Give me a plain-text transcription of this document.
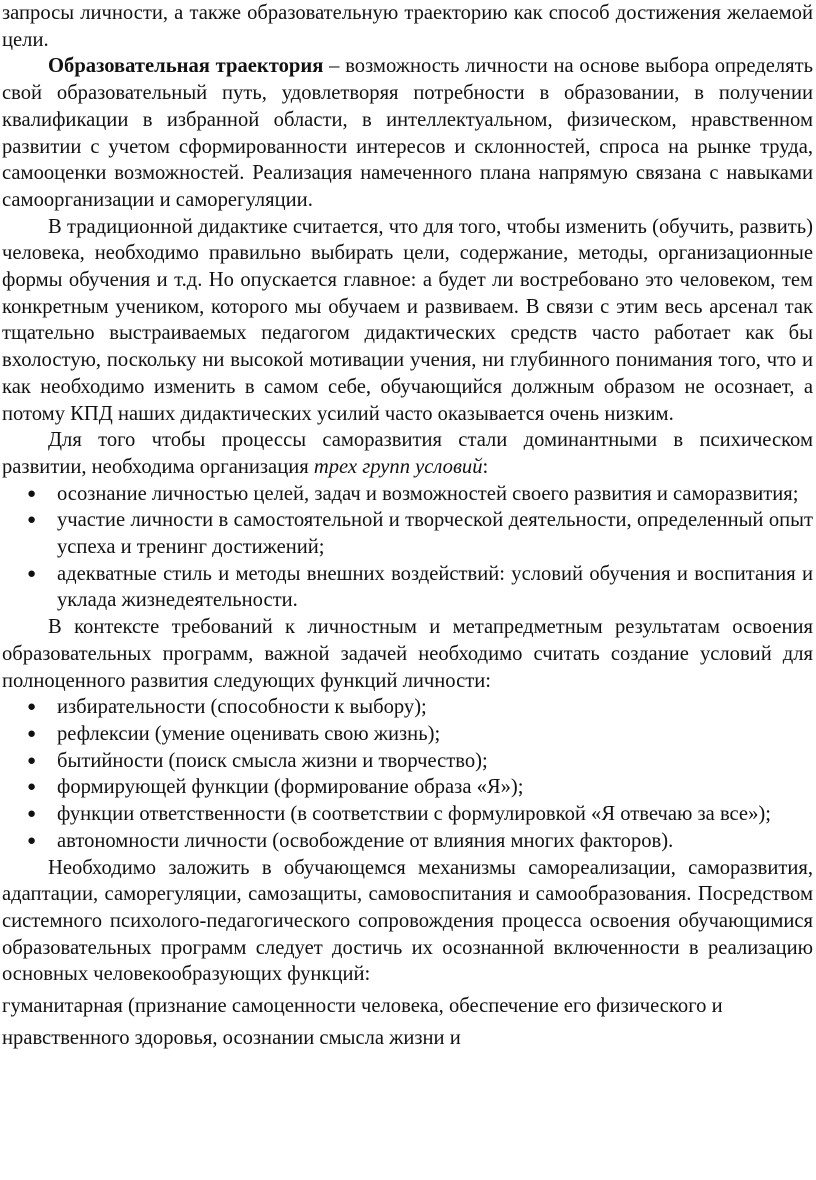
запросы личности, а также образовательную траекторию как способ достижения желаемой цели.

Образовательная траектория – возможность личности на основе выбора определять свой образовательный путь, удовлетворяя потребности в образовании, в получении квалификации в избранной области, в интеллектуальном, физическом, нравственном развитии с учетом сформированности интересов и склонностей, спроса на рынке труда, самооценки возможностей. Реализация намеченного плана напрямую связана с навыками самоорганизации и саморегуляции.

В традиционной дидактике считается, что для того, чтобы изменить (обучить, развить) человека, необходимо правильно выбирать цели, содержание, методы, организационные формы обучения и т.д. Но опускается главное: а будет ли востребовано это человеком, тем конкретным учеником, которого мы обучаем и развиваем. В связи с этим весь арсенал так тщательно выстраиваемых педагогом дидактических средств часто работает как бы вхолостую, поскольку ни высокой мотивации учения, ни глубинного понимания того, что и как необходимо изменить в самом себе, обучающийся должным образом не осознает, а потому КПД наших дидактических усилий часто оказывается очень низким.

Для того чтобы процессы саморазвития стали доминантными в психическом развитии, необходима организация трех групп условий:

● осознание личностью целей, задач и возможностей своего развития и саморазвития;
● участие личности в самостоятельной и творческой деятельности, определенный опыт успеха и тренинг достижений;
● адекватные стиль и методы внешних воздействий: условий обучения и воспитания и уклада жизнедеятельности.

В контексте требований к личностным и метапредметным результатам освоения образовательных программ, важной задачей необходимо считать создание условий для полноценного развития следующих функций личности:

● избирательности (способности к выбору);
● рефлексии (умение оценивать свою жизнь);
● бытийности (поиск смысла жизни и творчество);
● формирующей функции (формирование образа «Я»);
● функции ответственности (в соответствии с формулировкой «Я отвечаю за все»);
● автономности личности (освобождение от влияния многих факторов).

Необходимо заложить в обучающемся механизмы самореализации, саморазвития, адаптации, саморегуляции, самозащиты, самовоспитания и самообразования. Посредством системного психолого-педагогического сопровождения процесса освоения обучающимися образовательных программ следует достичь их осознанной включенности в реализацию основных человекообразующих функций:

гуманитарная (признание самоценности человека, обеспечение его физического и нравственного здоровья, осознании смысла жизни и
